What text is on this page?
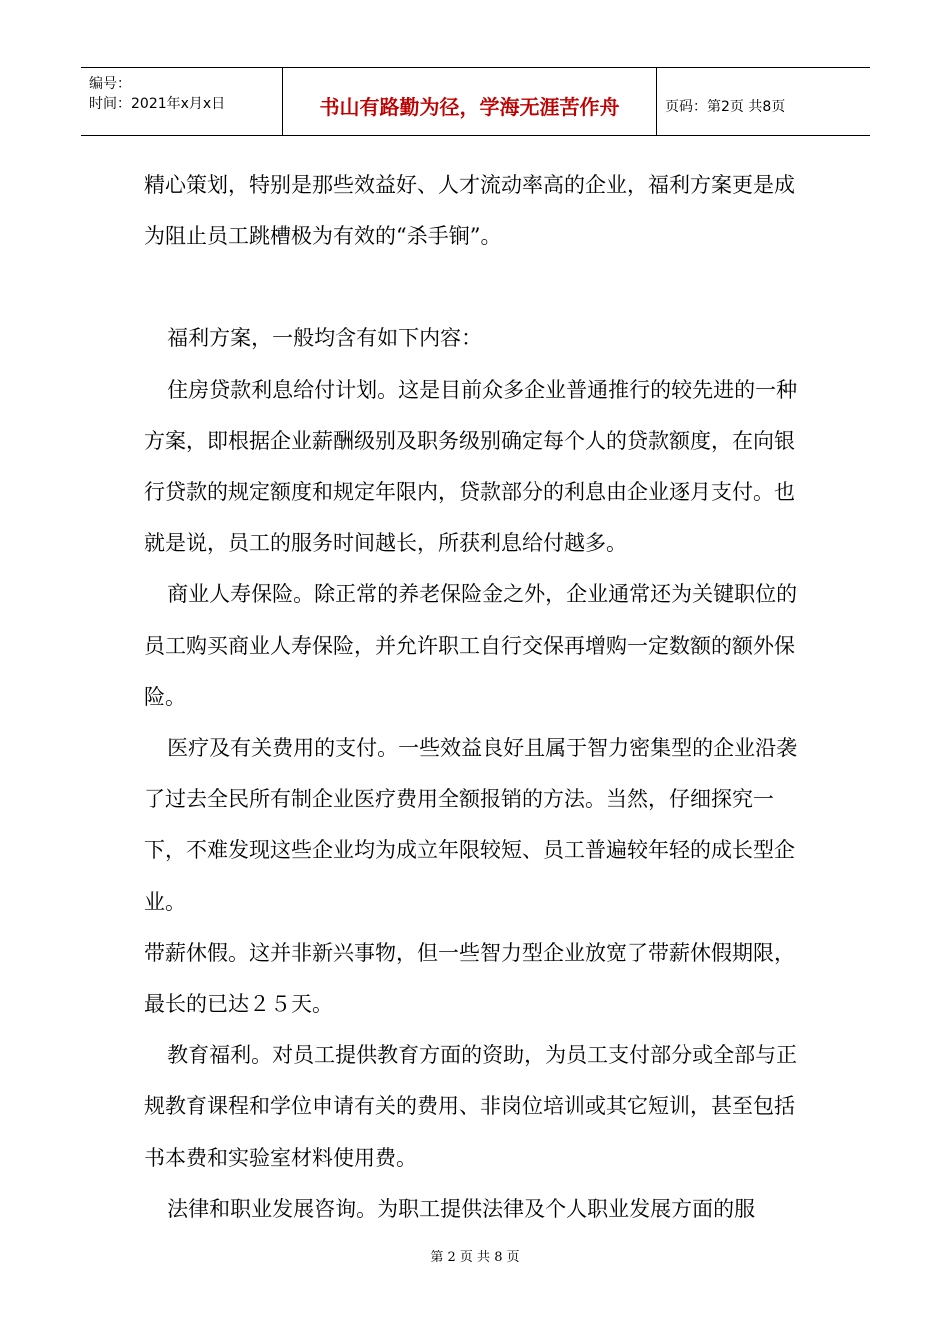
编号：
时间：2021年x月x日	书山有路勤为径，学海无涯苦作舟	页码：第2页 共8页

精心策划，特别是那些效益好、人才流动率高的企业，福利方案更是成为阻止员工跳槽极为有效的“杀手锏”。

福利方案，一般均含有如下内容：

住房贷款利息给付计划。这是目前众多企业普通推行的较先进的一种方案，即根据企业薪酬级别及职务级别确定每个人的贷款额度，在向银行贷款的规定额度和规定年限内，贷款部分的利息由企业逐月支付。也就是说，员工的服务时间越长，所获利息给付越多。

商业人寿保险。除正常的养老保险金之外，企业通常还为关键职位的员工购买商业人寿保险，并允许职工自行交保再增购一定数额的额外保险。

医疗及有关费用的支付。一些效益良好且属于智力密集型的企业沿袭了过去全民所有制企业医疗费用全额报销的方法。当然，仔细探究一下，不难发现这些企业均为成立年限较短、员工普遍较年轻的成长型企业。

带薪休假。这并非新兴事物，但一些智力型企业放宽了带薪休假期限，最长的已达２５天。

教育福利。对员工提供教育方面的资助，为员工支付部分或全部与正规教育课程和学位申请有关的费用、非岗位培训或其它短训，甚至包括书本费和实验室材料使用费。

法律和职业发展咨询。为职工提供法律及个人职业发展方面的服

第 2 页 共 8 页
